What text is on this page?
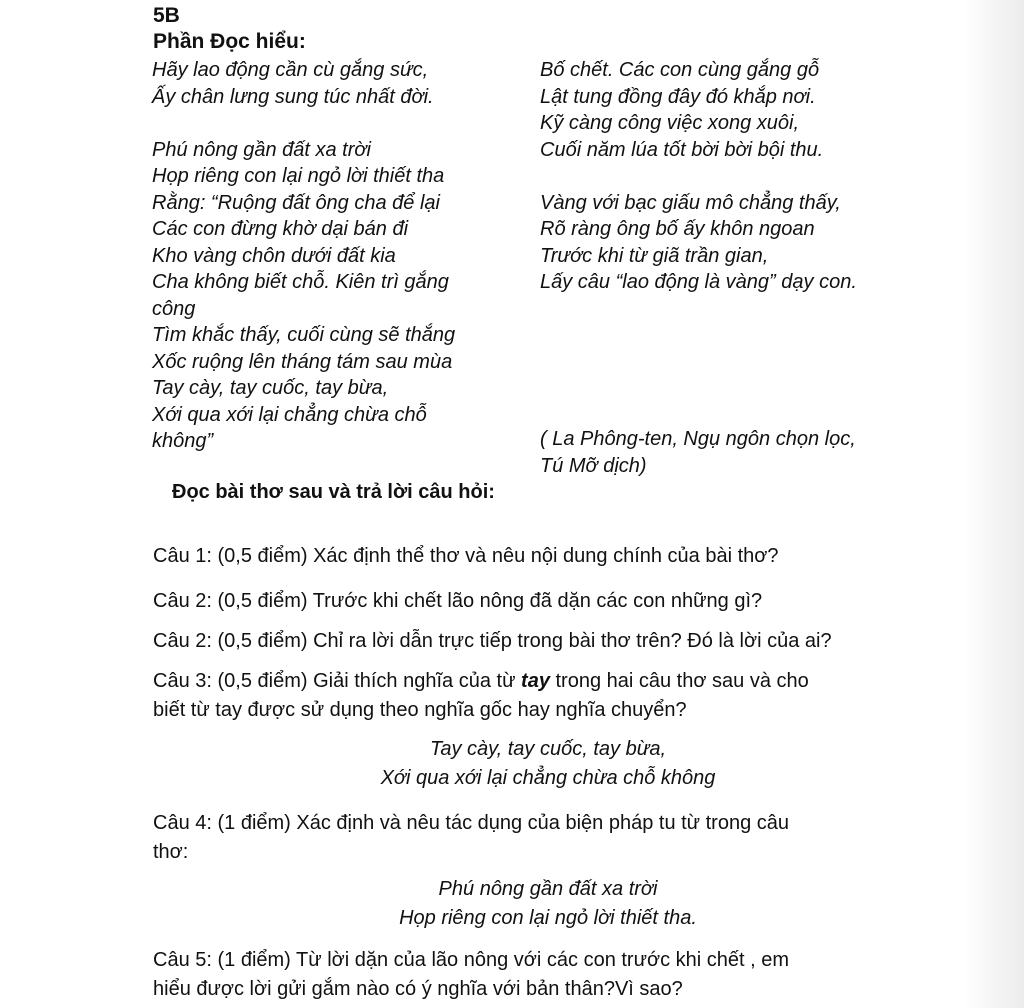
5B
Phần Đọc hiểu:
Hãy lao động cần cù gắng sức,
Ấy chân lưng sung túc nhất đời.
Phú nông gần đất xa trời
Họp riêng con lại ngỏ lời thiết tha
Rằng: “Ruộng đất ông cha để lại
Các con đừng khờ dại bán đi
Kho vàng chôn dưới đất kia
Cha không biết chỗ. Kiên trì gắng
công
Tìm khắc thấy, cuối cùng sẽ thắng
Xốc ruộng lên tháng tám sau mùa
Tay cày, tay cuốc, tay bừa,
Xới qua xới lại chẳng chừa chỗ
không”
Bố chết. Các con cùng gắng gỗ
Lật tung đồng đây đó khắp nơi.
Kỹ càng công việc xong xuôi,
Cuối năm lúa tốt bời bời bội thu.
Vàng với bạc giấu mô chẳng thấy,
Rõ ràng ông bố ấy khôn ngoan
Trước khi từ giã trần gian,
Lấy câu “lao động là vàng” dạy con.
( La Phông-ten, Ngụ ngôn chọn lọc,
Tú Mỡ dịch)
Đọc bài thơ sau và trả lời câu hỏi:
Câu 1: (0,5 điểm) Xác định thể thơ và nêu nội dung chính của bài thơ?
Câu 2: (0,5 điểm) Trước khi chết lão nông đã dặn các con những gì?
Câu 2: (0,5 điểm) Chỉ ra lời dẫn trực tiếp trong bài thơ trên? Đó là lời của ai?
Câu 3: (0,5 điểm) Giải thích nghĩa của từ tay trong hai câu thơ sau và cho
biết từ tay được sử dụng theo nghĩa gốc hay nghĩa chuyển?
Tay cày, tay cuốc, tay bừa,
Xới qua xới lại chẳng chừa chỗ không
Câu 4: (1 điểm) Xác định và nêu tác dụng của biện pháp tu từ trong câu
thơ:
Phú nông gần đất xa trời
Họp riêng con lại ngỏ lời thiết tha.
Câu 5: (1 điểm) Từ lời dặn của lão nông với các con trước khi chết , em
hiểu được lời gửi gắm nào có ý nghĩa với bản thân?Vì sao?
